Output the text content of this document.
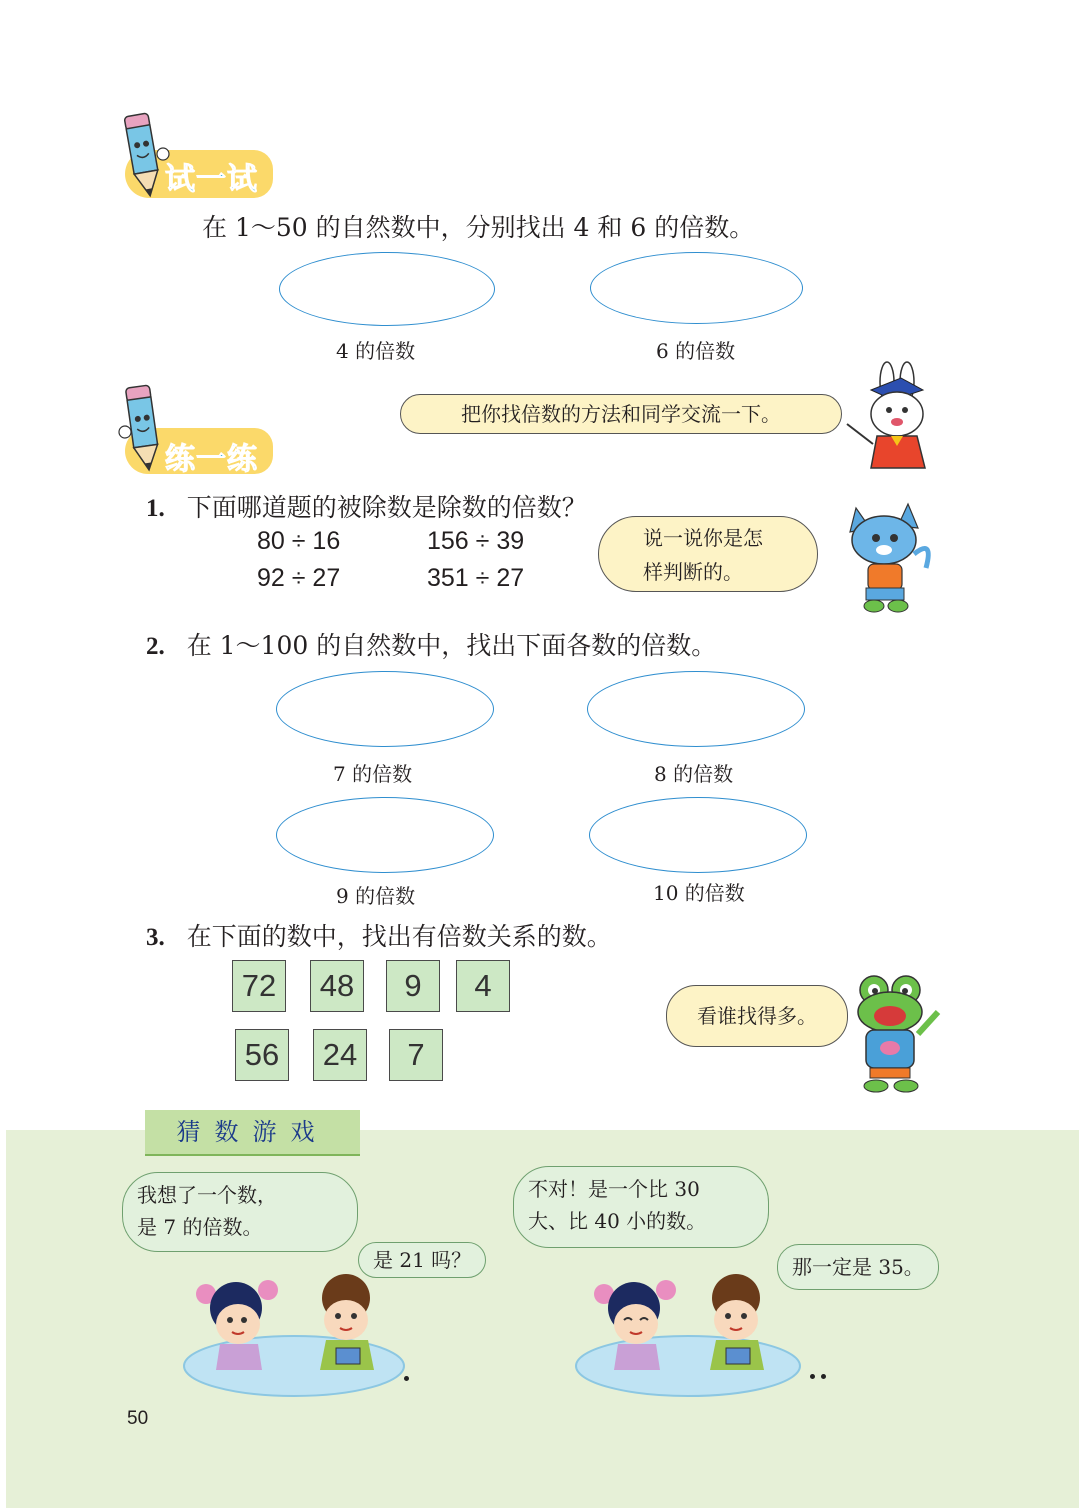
试一试
在 1～50 的自然数中，分别找出 4 和 6 的倍数。
4 的倍数	6 的倍数
练一练
把你找倍数的方法和同学交流一下。
1. 下面哪道题的被除数是除数的倍数？
80 ÷ 16	156 ÷ 39
92 ÷ 27	351 ÷ 27
说一说你是怎
样判断的。
2. 在 1～100 的自然数中，找出下面各数的倍数。
7 的倍数	8 的倍数
9 的倍数	10 的倍数
3. 在下面的数中，找出有倍数关系的数。
72	48	9	4
56	24	7
看谁找得多。
猜数游戏
我想了一个数，
是 7 的倍数。
是 21 吗？
不对！是一个比 30
大、比 40 小的数。
那一定是 35。
50
